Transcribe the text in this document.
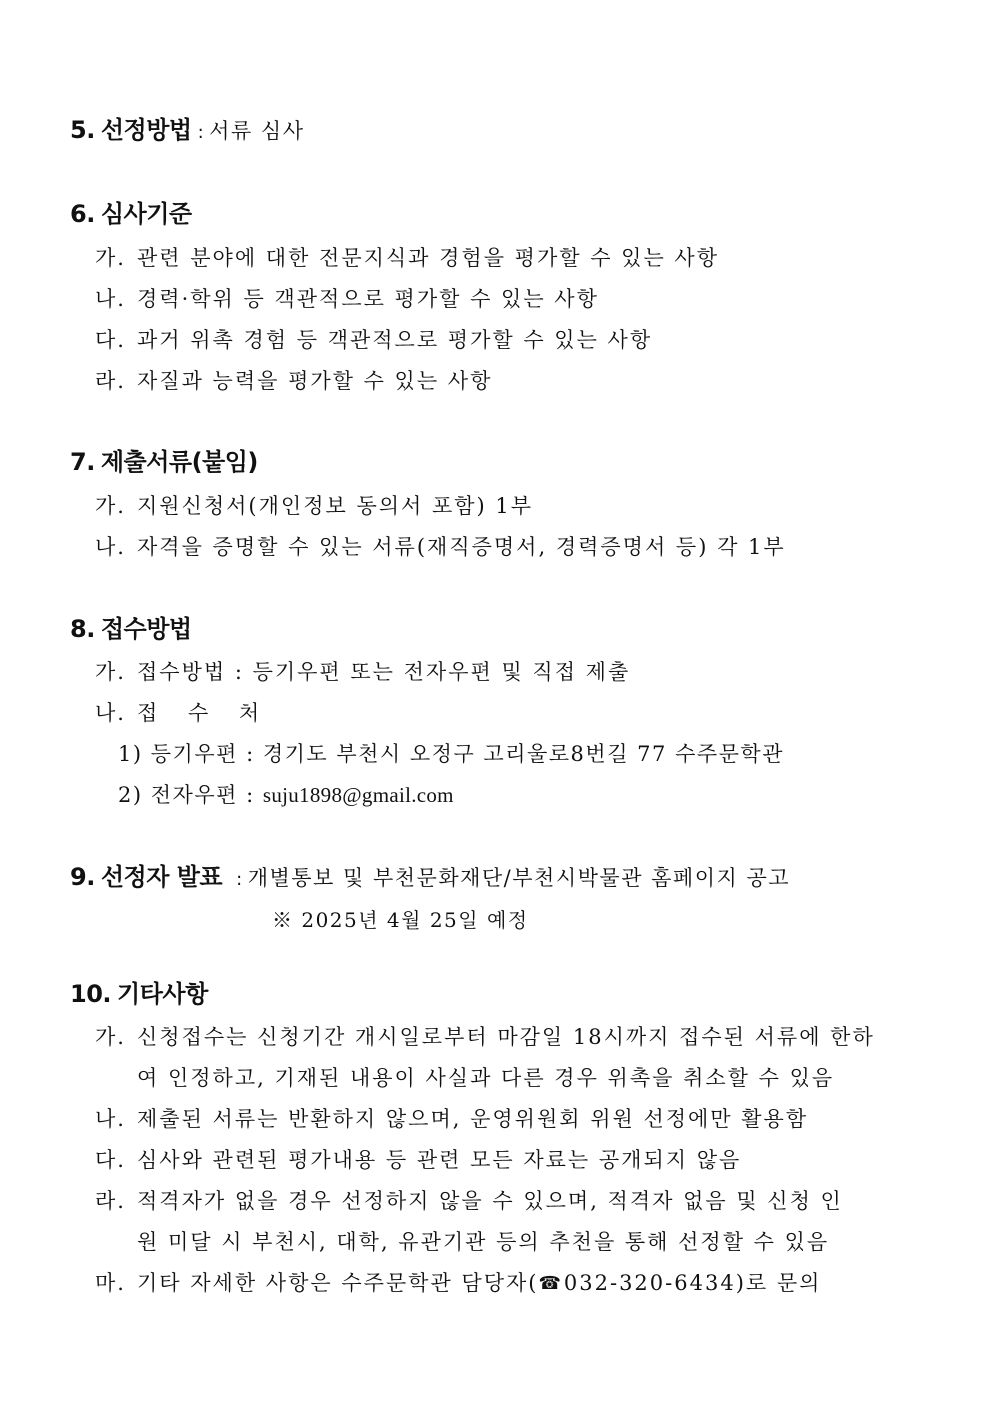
5. 선정방법 : 서류 심사
6. 심사기준
가. 관련 분야에 대한 전문지식과 경험을 평가할 수 있는 사항
나. 경력·학위 등 객관적으로 평가할 수 있는 사항
다. 과거 위촉 경험 등 객관적으로 평가할 수 있는 사항
라. 자질과 능력을 평가할 수 있는 사항
7. 제출서류(붙임)
가. 지원신청서(개인정보 동의서 포함) 1부
나. 자격을 증명할 수 있는 서류(재직증명서, 경력증명서 등) 각 1부
8. 접수방법
가. 접수방법 : 등기우편 또는 전자우편 및 직접 제출
나. 접 수 처
1) 등기우편 : 경기도 부천시 오정구 고리울로8번길 77 수주문학관
2) 전자우편 : suju1898@gmail.com
9. 선정자 발표 : 개별통보 및 부천문화재단/부천시박물관 홈페이지 공고
※ 2025년 4월 25일 예정
10. 기타사항
가. 신청접수는 신청기간 개시일로부터 마감일 18시까지 접수된 서류에 한하
여 인정하고, 기재된 내용이 사실과 다른 경우 위촉을 취소할 수 있음
나. 제출된 서류는 반환하지 않으며, 운영위원회 위원 선정에만 활용함
다. 심사와 관련된 평가내용 등 관련 모든 자료는 공개되지 않음
라. 적격자가 없을 경우 선정하지 않을 수 있으며, 적격자 없음 및 신청 인
원 미달 시 부천시, 대학, 유관기관 등의 추천을 통해 선정할 수 있음
마. 기타 자세한 사항은 수주문학관 담당자(☎032-320-6434)로 문의
